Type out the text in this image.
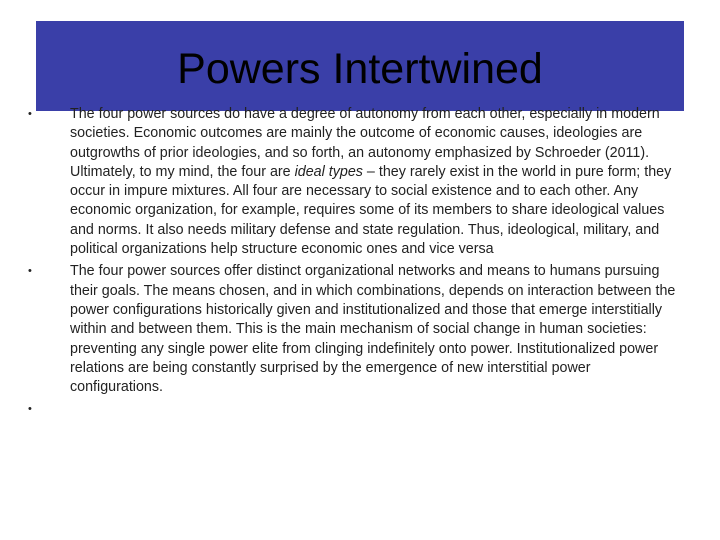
Powers Intertwined
•	The four power sources do have a degree of autonomy from each other, especially in modern societies. Economic outcomes are mainly the outcome of economic causes, ideologies are outgrowths of prior ideologies, and so forth, an autonomy emphasized by Schroeder (2011). Ultimately, to my mind, the four are ideal types – they rarely exist in the world in pure form; they occur in impure mixtures. All four are necessary to social existence and to each other. Any economic organization, for example, requires some of its members to share ideological values and norms. It also needs military defense and state regulation. Thus, ideological, military, and political organizations help structure economic ones and vice versa
•	The four power sources offer distinct organizational networks and means to humans pursuing their goals. The means chosen, and in which combinations, depends on interaction between the power configurations historically given and institutionalized and those that emerge interstitially within and between them. This is the main mechanism of social change in human societies: preventing any single power elite from clinging indefinitely onto power. Institutionalized power relations are being constantly surprised by the emergence of new interstitial power configurations.
•
